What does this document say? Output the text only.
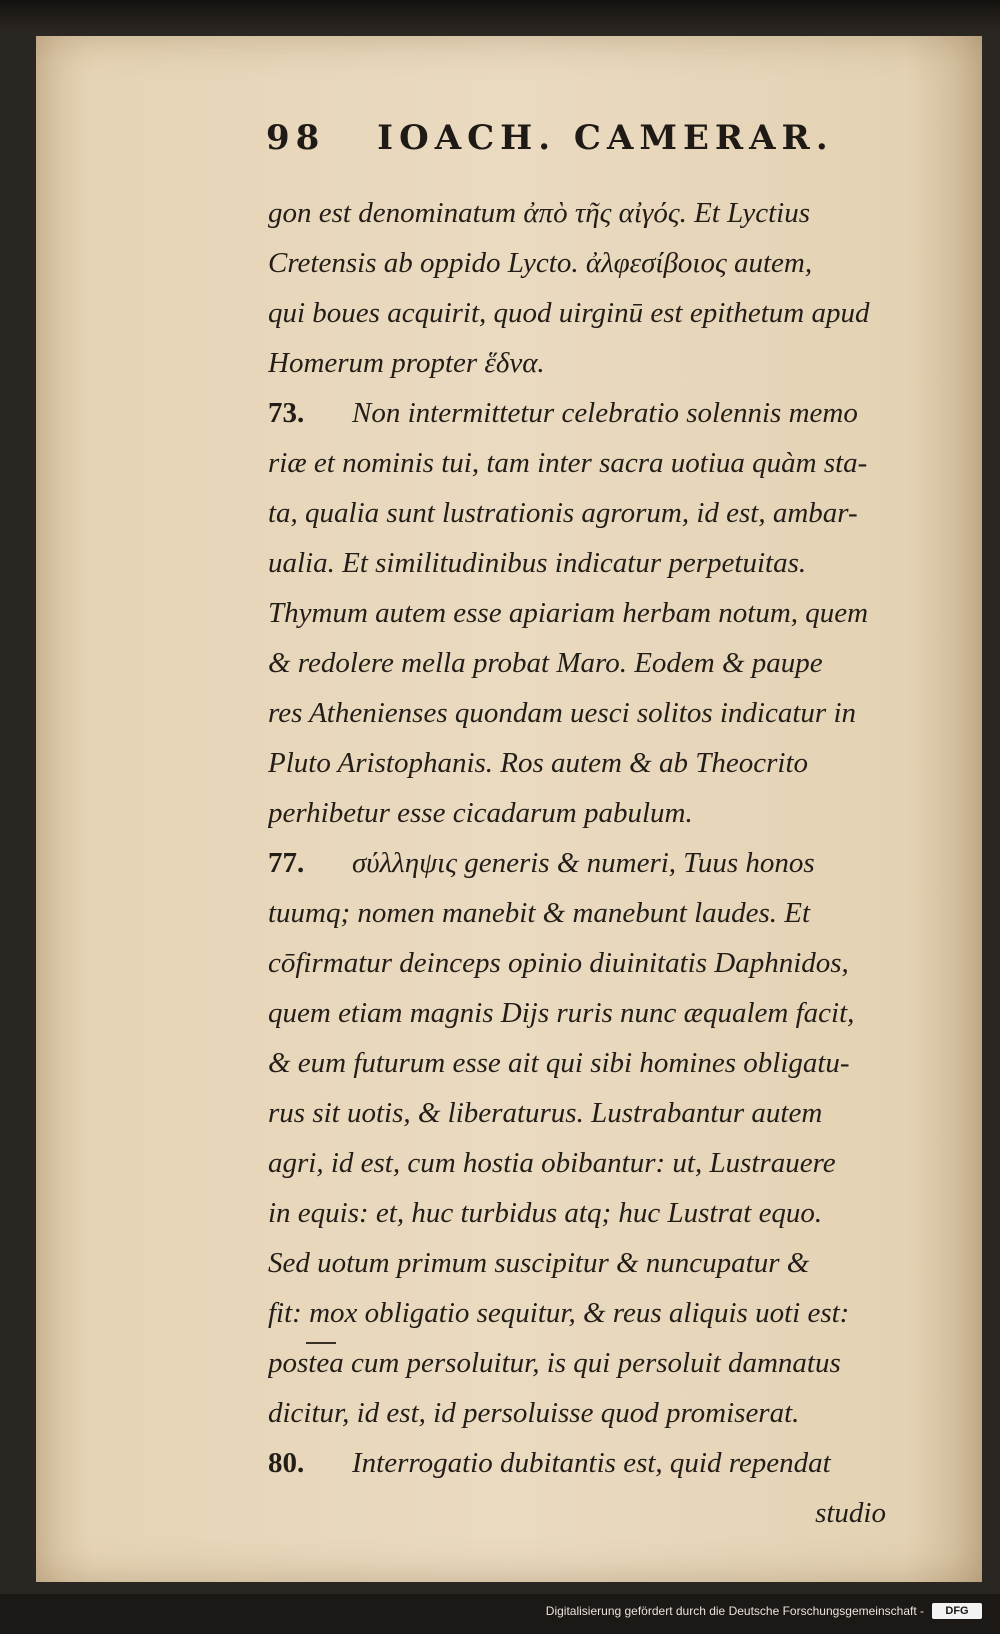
98 IOACH. CAMERAR.
gon est denominatum ἀπὸ τῆς αἰγός. Et Lyctius
Cretensis ab oppido Lycto. ἀλφεσίβοιος autem,
qui boues acquirit, quod uirginū est epithetum apud
Homerum propter ἕδνα.
73. Non intermittetur celebratio solennis memo
riæ et nominis tui, tam inter sacra uotiua quàm sta-
ta, qualia sunt lustrationis agrorum, id est, ambar-
ualia. Et similitudinibus indicatur perpetuitas.
Thymum autem esse apiariam herbam notum, quem
& redolere mella probat Maro. Eodem & paupe
res Athenienses quondam uesci solitos indicatur in
Pluto Aristophanis. Ros autem & ab Theocrito
perhibetur esse cicadarum pabulum.
77. σύλληψις generis & numeri, Tuus honos
tuumq; nomen manebit & manebunt laudes. Et
cōfirmatur deinceps opinio diuinitatis Daphnidos,
quem etiam magnis Dijs ruris nunc æqualem facit,
& eum futurum esse ait qui sibi homines obligatu-
rus sit uotis, & liberaturus. Lustrabantur autem
agri, id est, cum hostia obibantur: ut, Lustrauere
in equis: et, huc turbidus atq; huc Lustrat equo.
Sed uotum primum suscipitur & nuncupatur &
fit: mox obligatio sequitur, & reus aliquis uoti est:
postea cum persoluitur, is qui persoluit damnatus
dicitur, id est, id persoluisse quod promiserat.
80. Interrogatio dubitantis est, quid rependat
studio
Digitalisierung gefördert durch die Deutsche Forschungsgemeinschaft -	DFG
